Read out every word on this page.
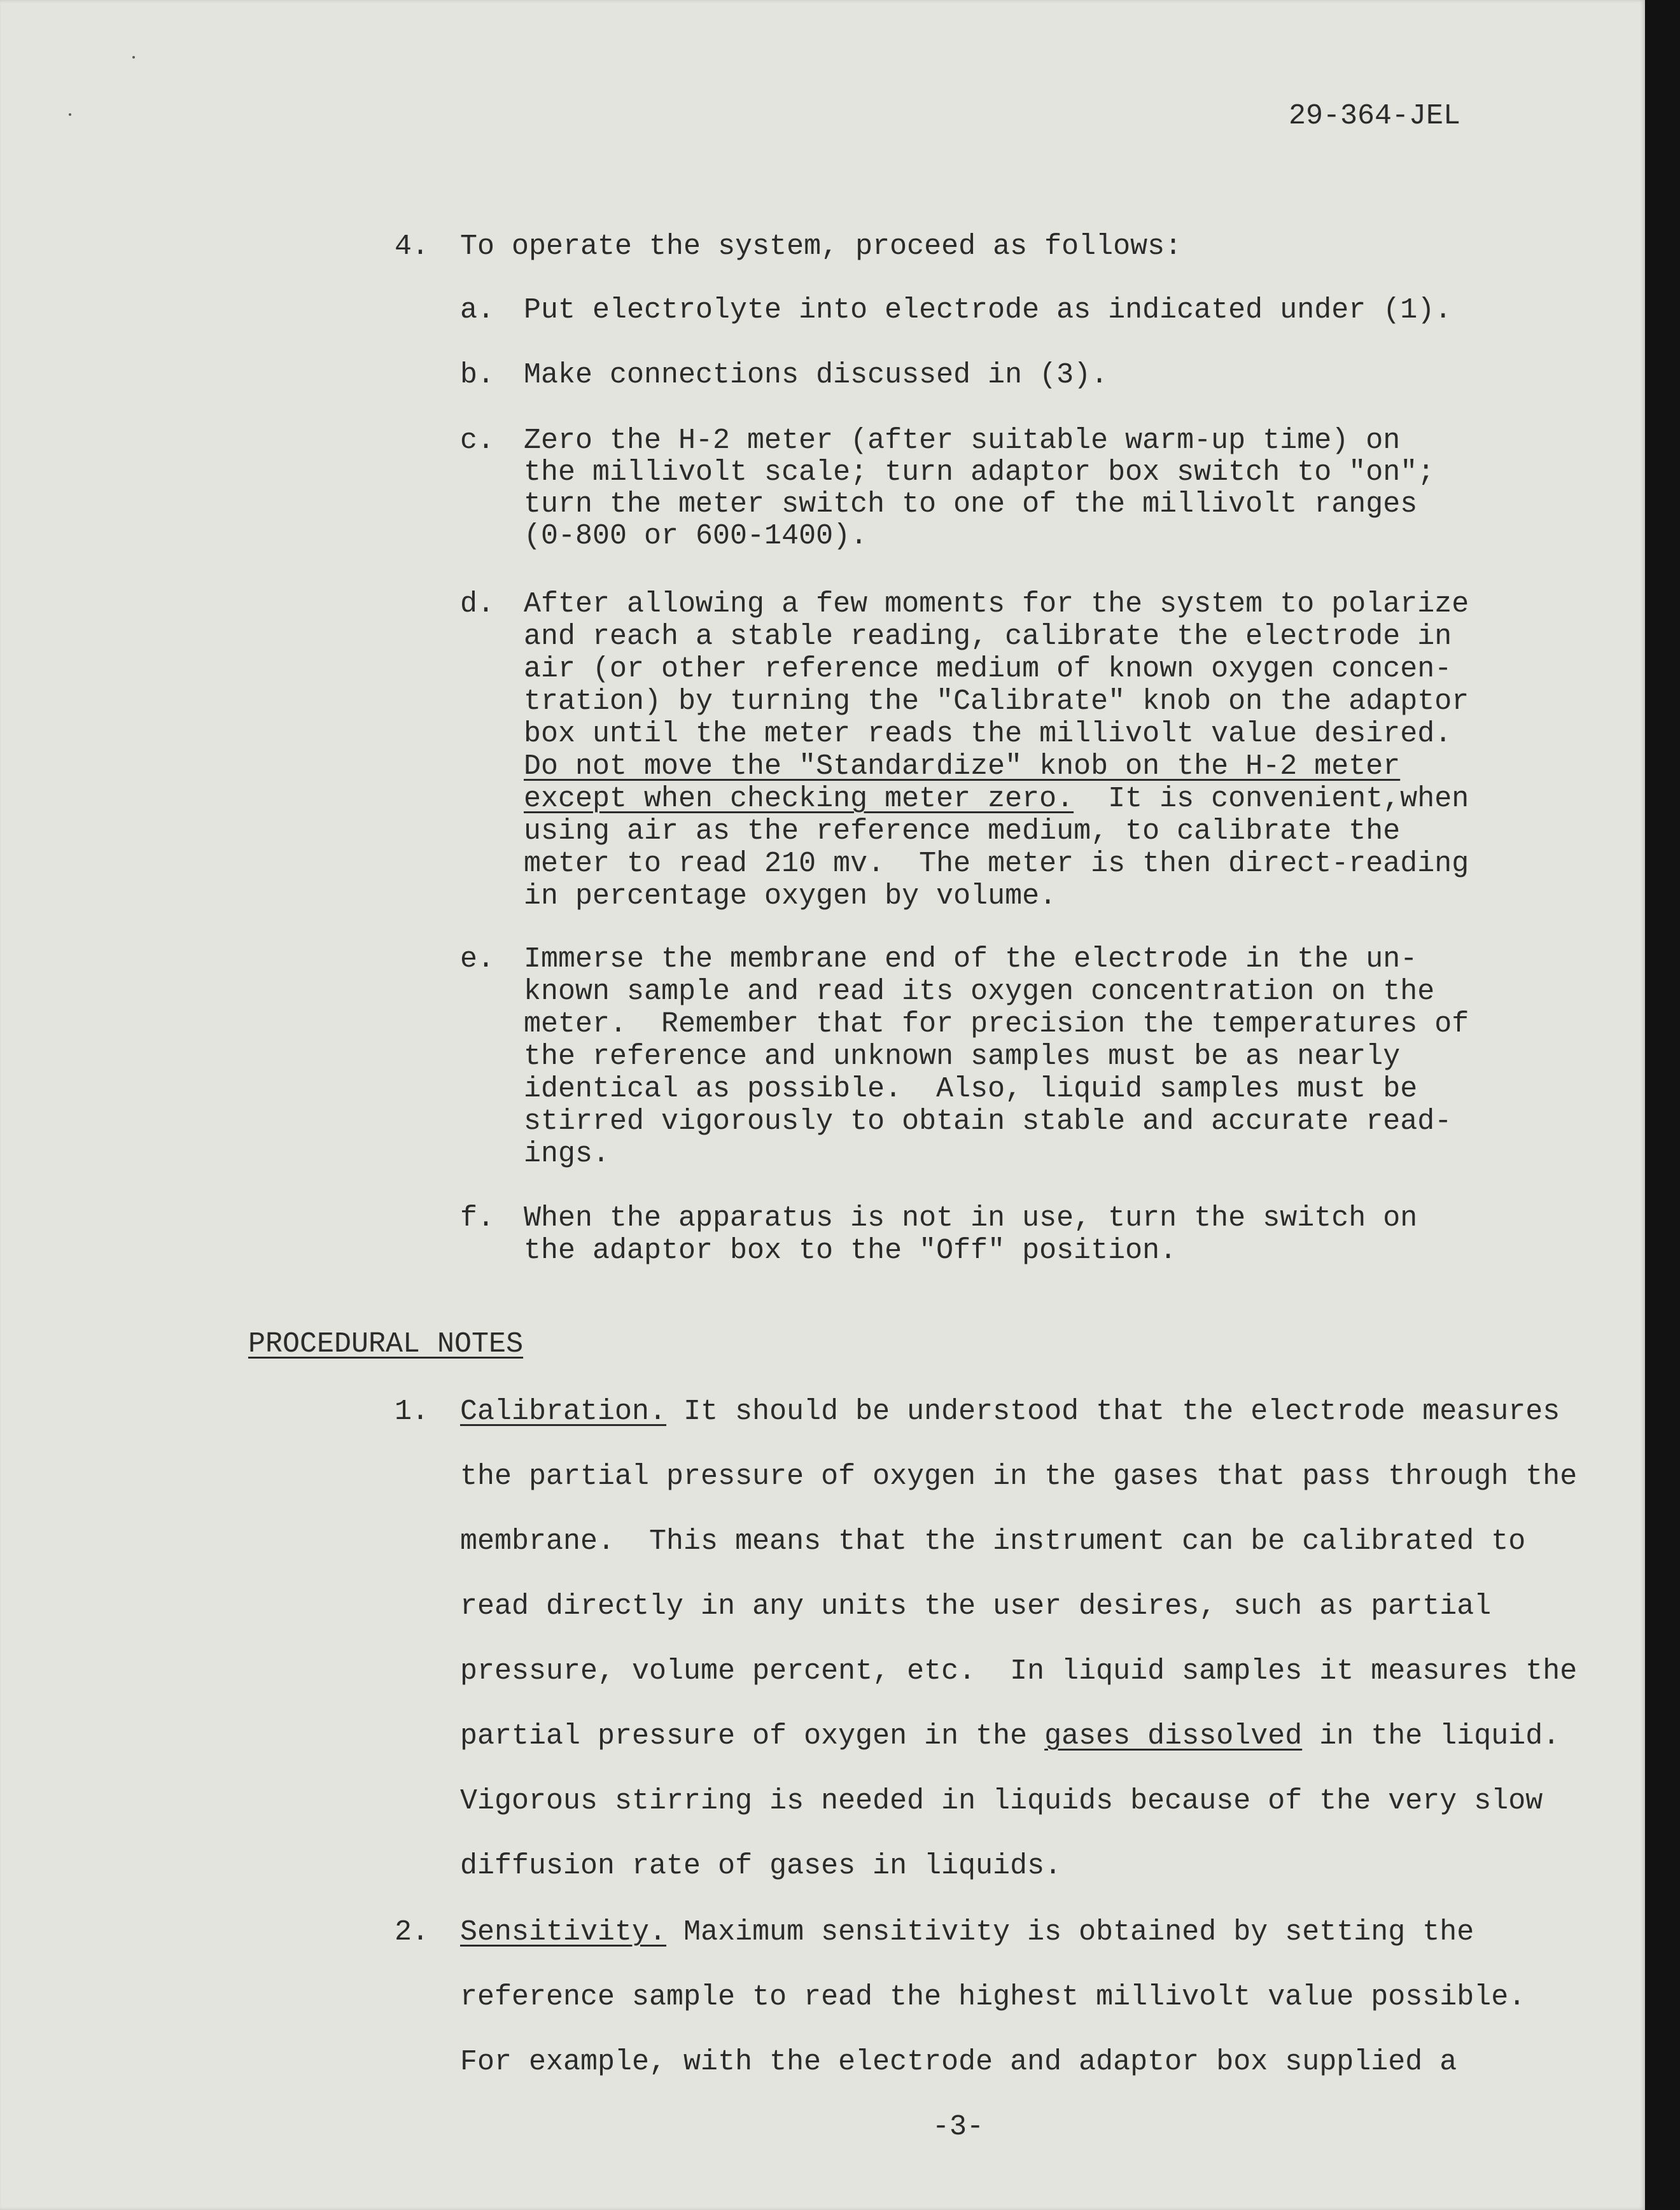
29-364-JEL

4. To operate the system, proceed as follows:

a. Put electrolyte into electrode as indicated under (1).

b. Make connections discussed in (3).

c. Zero the H-2 meter (after suitable warm-up time) on

the millivolt scale; turn adaptor box switch to "on";

turn the meter switch to one of the millivolt ranges

(0-800 or 600-1400).

d. After allowing a few moments for the system to polarize

and reach a stable reading, calibrate the electrode in

air (or other reference medium of known oxygen concen-

tration) by turning the "Calibrate" knob on the adaptor

box until the meter reads the millivolt value desired.

Do not move the "Standardize" knob on the H-2 meter

except when checking meter zero.  It is convenient,when

using air as the reference medium, to calibrate the

meter to read 210 mv.  The meter is then direct-reading

in percentage oxygen by volume.

e. Immerse the membrane end of the electrode in the un-

known sample and read its oxygen concentration on the

meter.  Remember that for precision the temperatures of

the reference and unknown samples must be as nearly

identical as possible.  Also, liquid samples must be

stirred vigorously to obtain stable and accurate read-

ings.

f. When the apparatus is not in use, turn the switch on

the adaptor box to the "Off" position.

PROCEDURAL NOTES

1. Calibration. It should be understood that the electrode measures

the partial pressure of oxygen in the gases that pass through the

membrane.  This means that the instrument can be calibrated to

read directly in any units the user desires, such as partial

pressure, volume percent, etc.  In liquid samples it measures the

partial pressure of oxygen in the gases dissolved in the liquid.

Vigorous stirring is needed in liquids because of the very slow

diffusion rate of gases in liquids.

2. Sensitivity. Maximum sensitivity is obtained by setting the

reference sample to read the highest millivolt value possible.

For example, with the electrode and adaptor box supplied a

-3-
